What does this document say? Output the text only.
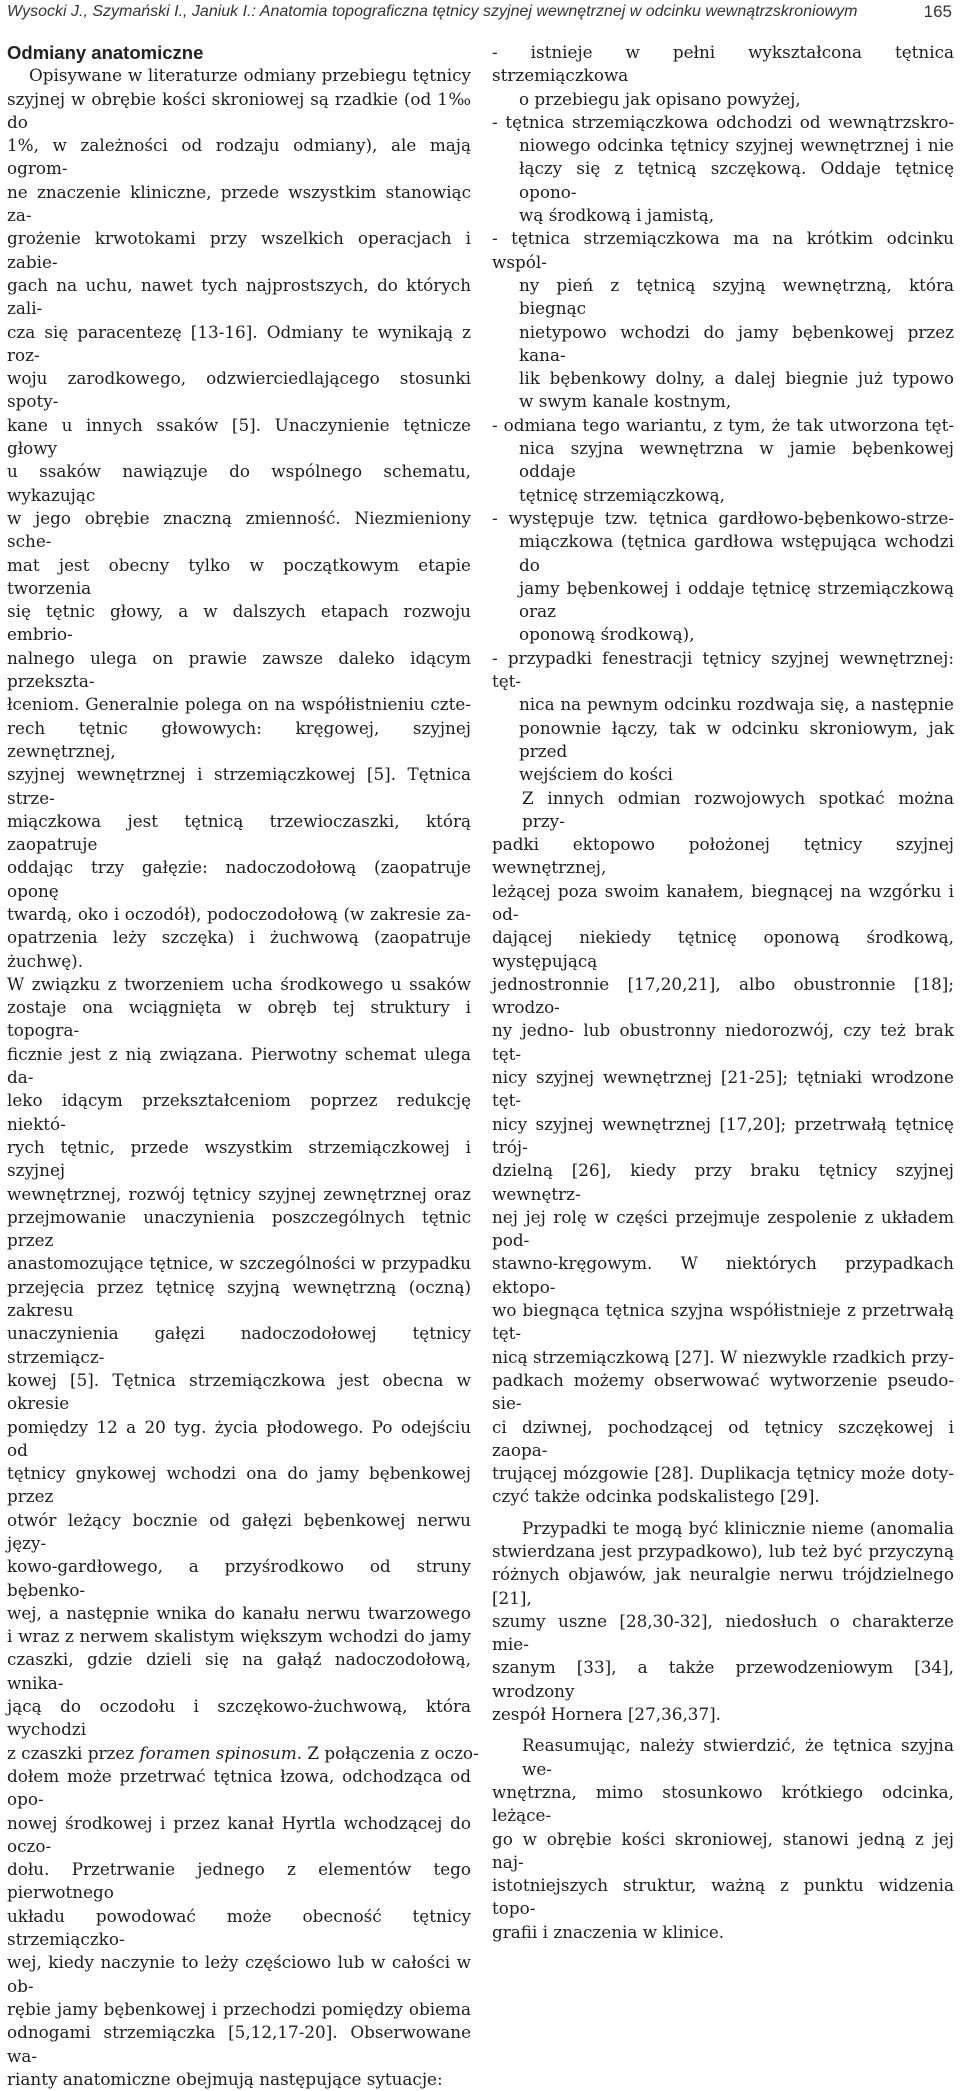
Wysocki J., Szymański I., Janiuk I.: Anatomia topograficzna tętnicy szyjnej wewnętrznej w odcinku wewnątrzskroniowym	165
Odmiany anatomiczne
Opisywane w literaturze odmiany przebiegu tętnicy
szyjnej w obrębie kości skroniowej są rzadkie (od 1‰ do
1%, w zależności od rodzaju odmiany), ale mają ogrom-
ne znaczenie kliniczne, przede wszystkim stanowiąc za-
grożenie krwotokami przy wszelkich operacjach i zabie-
gach na uchu, nawet tych najprostszych, do których zali-
cza się paracentezę [13-16]. Odmiany te wynikają z roz-
woju zarodkowego, odzwierciedlającego stosunki spoty-
kane u innych ssaków [5]. Unaczynienie tętnicze głowy
u ssaków nawiązuje do wspólnego schematu, wykazując
w jego obrębie znaczną zmienność. Niezmieniony sche-
mat jest obecny tylko w początkowym etapie tworzenia
się tętnic głowy, a w dalszych etapach rozwoju embrio-
nalnego ulega on prawie zawsze daleko idącym przekszta-
łceniom. Generalnie polega on na współistnieniu czte-
rech tętnic głowowych: kręgowej, szyjnej zewnętrznej,
szyjnej wewnętrznej i strzemiączkowej [5]. Tętnica strze-
miączkowa jest tętnicą trzewioczaszki, którą zaopatruje
oddając trzy gałęzie: nadoczodołową (zaopatruje oponę
twardą, oko i oczodół), podoczodołową (w zakresie za-
opatrzenia leży szczęka) i żuchwową (zaopatruje żuchwę).
W związku z tworzeniem ucha środkowego u ssaków
zostaje ona wciągnięta w obręb tej struktury i topogra-
ficznie jest z nią związana. Pierwotny schemat ulega da-
leko idącym przekształceniom poprzez redukcję niektó-
rych tętnic, przede wszystkim strzemiączkowej i szyjnej
wewnętrznej, rozwój tętnicy szyjnej zewnętrznej oraz
przejmowanie unaczynienia poszczególnych tętnic przez
anastomozujące tętnice, w szczególności w przypadku
przejęcia przez tętnicę szyjną wewnętrzną (oczną) zakresu
unaczynienia gałęzi nadoczodołowej tętnicy strzemiącz-
kowej [5]. Tętnica strzemiączkowa jest obecna w okresie
pomiędzy 12 a 20 tyg. życia płodowego. Po odejściu od
tętnicy gnykowej wchodzi ona do jamy bębenkowej przez
otwór leżący bocznie od gałęzi bębenkowej nerwu języ-
kowo-gardłowego, a przyśrodkowo od struny bębenko-
wej, a następnie wnika do kanału nerwu twarzowego
i wraz z nerwem skalistym większym wchodzi do jamy
czaszki, gdzie dzieli się na gałąź nadoczodołową, wnika-
jącą do oczodołu i szczękowo-żuchwową, która wychodzi
z czaszki przez foramen spinosum. Z połączenia z oczo-
dołem może przetrwać tętnica łzowa, odchodząca od opo-
nowej środkowej i przez kanał Hyrtla wchodzącej do oczo-
dołu. Przetrwanie jednego z elementów tego pierwotnego
układu powodować może obecność tętnicy strzemiączko-
wej, kiedy naczynie to leży częściowo lub w całości w ob-
rębie jamy bębenkowej i przechodzi pomiędzy obiema
odnogami strzemiączka [5,12,17-20]. Obserwowane wa-
rianty anatomiczne obejmują następujące sytuacje:
- istnieje w pełni wykształcona tętnica strzemiączkowa
o przebiegu jak opisano powyżej,
- tętnica strzemiączkowa odchodzi od wewnątrzskro-
niowego odcinka tętnicy szyjnej wewnętrznej i nie
łączy się z tętnicą szczękową. Oddaje tętnicę opono-
wą środkową i jamistą,
- tętnica strzemiączkowa ma na krótkim odcinku wspól-
ny pień z tętnicą szyjną wewnętrzną, która biegnąc
nietypowo wchodzi do jamy bębenkowej przez kana-
lik bębenkowy dolny, a dalej biegnie już typowo
w swym kanale kostnym,
- odmiana tego wariantu, z tym, że tak utworzona tęt-
nica szyjna wewnętrzna w jamie bębenkowej oddaje
tętnicę strzemiączkową,
- występuje tzw. tętnica gardłowo-bębenkowo-strze-
miączkowa (tętnica gardłowa wstępująca wchodzi do
jamy bębenkowej i oddaje tętnicę strzemiączkową oraz
oponową środkową),
- przypadki fenestracji tętnicy szyjnej wewnętrznej: tęt-
nica na pewnym odcinku rozdwaja się, a następnie
ponownie łączy, tak w odcinku skroniowym, jak przed
wejściem do kości
Z innych odmian rozwojowych spotkać można przy-
padki ektopowo położonej tętnicy szyjnej wewnętrznej,
leżącej poza swoim kanałem, biegnącej na wzgórku i od-
dającej niekiedy tętnicę oponową środkową, występującą
jednostronnie [17,20,21], albo obustronnie [18]; wrodzo-
ny jedno- lub obustronny niedorozwój, czy też brak tęt-
nicy szyjnej wewnętrznej [21-25]; tętniaki wrodzone tęt-
nicy szyjnej wewnętrznej [17,20]; przetrwałą tętnicę trój-
dzielną [26], kiedy przy braku tętnicy szyjnej wewnętrz-
nej jej rolę w części przejmuje zespolenie z układem pod-
stawno-kręgowym. W niektórych przypadkach ektopo-
wo biegnąca tętnica szyjna współistnieje z przetrwałą tęt-
nicą strzemiączkową [27]. W niezwykle rzadkich przy-
padkach możemy obserwować wytworzenie pseudo-sie-
ci dziwnej, pochodzącej od tętnicy szczękowej i zaopa-
trującej mózgowie [28]. Duplikacja tętnicy może doty-
czyć także odcinka podskalistego [29].
Przypadki te mogą być klinicznie nieme (anomalia
stwierdzana jest przypadkowo), lub też być przyczyną
różnych objawów, jak neuralgie nerwu trójdzielnego [21],
szumy uszne [28,30-32], niedosłuch o charakterze mie-
szanym [33], a także przewodzeniowym [34], wrodzony
zespół Hornera [27,36,37].
Reasumując, należy stwierdzić, że tętnica szyjna we-
wnętrzna, mimo stosunkowo krótkiego odcinka, leżące-
go w obrębie kości skroniowej, stanowi jedną z jej naj-
istotniejszych struktur, ważną z punktu widzenia topo-
grafii i znaczenia w klinice.
